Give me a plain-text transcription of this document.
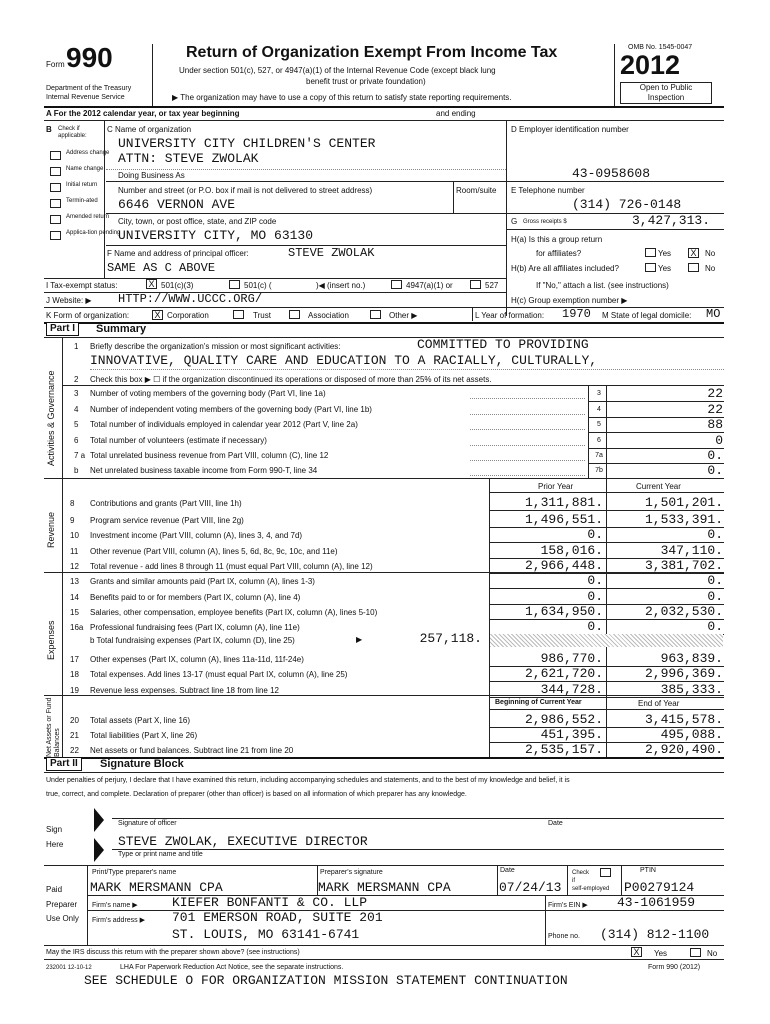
Form 990
Department of the Treasury
Internal Revenue Service
Return of Organization Exempt From Income Tax
Under section 501(c), 527, or 4947(a)(1) of the Internal Revenue Code (except black lung
benefit trust or private foundation)
▶ The organization may have to use a copy of this return to satisfy state reporting requirements.
OMB No. 1545-0047
2012
Open to Public
Inspection
A For the 2012 calendar year, or tax year beginning	and ending
B Check if
applicable:
Address change
Name change
Initial return
Termin-ated
Amended return
Applica-tion pending
C Name of organization
UNIVERSITY CITY CHILDREN'S CENTER
ATTN: STEVE ZWOLAK
Doing Business As
Number and street (or P.O. box if mail is not delivered to street address)	Room/suite
6646 VERNON AVE
City, town, or post office, state, and ZIP code
UNIVERSITY CITY, MO 63130
F Name and address of principal officer:	STEVE ZWOLAK
SAME AS C ABOVE
D Employer identification number
43-0958608
E Telephone number
(314) 726-0148
G Gross receipts $	3,427,313.
H(a) Is this a group return
for affiliates?	Yes X	No
H(b) Are all affiliates included?	Yes	No
If "No," attach a list. (see instructions)
H(c) Group exemption number ▶
I Tax-exempt status:	X 501(c)(3)	501(c) (	)◀ (insert no.)	4947(a)(1) or	527
J Website: ▶ HTTP://WWW.UCCC.ORG/
K Form of organization:	X Corporation	Trust	Association	Other ▶	L Year of formation: 1970 M State of legal domicile: MO
Part I	Summary
Activities & Governance
Revenue
Expenses
Net Assets or Fund Balances
1 Briefly describe the organization's mission or most significant activities:	COMMITTED TO PROVIDING
INNOVATIVE, QUALITY CARE AND EDUCATION TO A RACIALLY, CULTURALLY,
2 Check this box ▶ ☐ if the organization discontinued its operations or disposed of more than 25% of its net assets.
3 Number of voting members of the governing body (Part VI, line 1a)	3	22
4 Number of independent voting members of the governing body (Part VI, line 1b)	4	22
5 Total number of individuals employed in calendar year 2012 (Part V, line 2a)	5	88
6 Total number of volunteers (estimate if necessary)	6	0
7 a Total unrelated business revenue from Part VIII, column (C), line 12	7a	0.
b Net unrelated business taxable income from Form 990-T, line 34	7b	0.
Prior Year	Current Year
8 Contributions and grants (Part VIII, line 1h)	1,311,881.	1,501,201.
9 Program service revenue (Part VIII, line 2g)	1,496,551.	1,533,391.
10 Investment income (Part VIII, column (A), lines 3, 4, and 7d)	0.	0.
11 Other revenue (Part VIII, column (A), lines 5, 6d, 8c, 9c, 10c, and 11e)	158,016.	347,110.
12 Total revenue - add lines 8 through 11 (must equal Part VIII, column (A), line 12)	2,966,448.	3,381,702.
13 Grants and similar amounts paid (Part IX, column (A), lines 1-3)	0.	0.
14 Benefits paid to or for members (Part IX, column (A), line 4)	0.	0.
15 Salaries, other compensation, employee benefits (Part IX, column (A), lines 5-10)	1,634,950.	2,032,530.
16a Professional fundraising fees (Part IX, column (A), line 11e)	0.	0.
b Total fundraising expenses (Part IX, column (D), line 25)	▶	257,118.
17 Other expenses (Part IX, column (A), lines 11a-11d, 11f-24e)	986,770.	963,839.
18 Total expenses. Add lines 13-17 (must equal Part IX, column (A), line 25)	2,621,720.	2,996,369.
19 Revenue less expenses. Subtract line 18 from line 12	344,728.	385,333.
Beginning of Current Year	End of Year
20 Total assets (Part X, line 16)	2,986,552.	3,415,578.
21 Total liabilities (Part X, line 26)	451,395.	495,088.
22 Net assets or fund balances. Subtract line 21 from line 20	2,535,157.	2,920,490.
Part II	Signature Block
Under penalties of perjury, I declare that I have examined this return, including accompanying schedules and statements, and to the best of my knowledge and belief, it is
true, correct, and complete. Declaration of preparer (other than officer) is based on all information of which preparer has any knowledge.
Sign
Here
Signature of officer	Date
STEVE ZWOLAK, EXECUTIVE DIRECTOR
Type or print name and title
Paid
Preparer
Use Only
Print/Type preparer's name	Preparer's signature	Date	Check
if
self-employed
PTIN
MARK MERSMANN CPA	MARK MERSMANN CPA	07/24/13	P00279124
Firm's name ▶	KIEFER BONFANTI & CO. LLP	Firm's EIN ▶ 43-1061959
Firm's address ▶ 701 EMERSON ROAD, SUITE 201
ST. LOUIS, MO 63141-6741	Phone no. (314) 812-1100
May the IRS discuss this return with the preparer shown above? (see instructions)	X	Yes	No
232001 12-10-12	LHA For Paperwork Reduction Act Notice, see the separate instructions.	Form 990 (2012)
SEE SCHEDULE O FOR ORGANIZATION MISSION STATEMENT CONTINUATION
